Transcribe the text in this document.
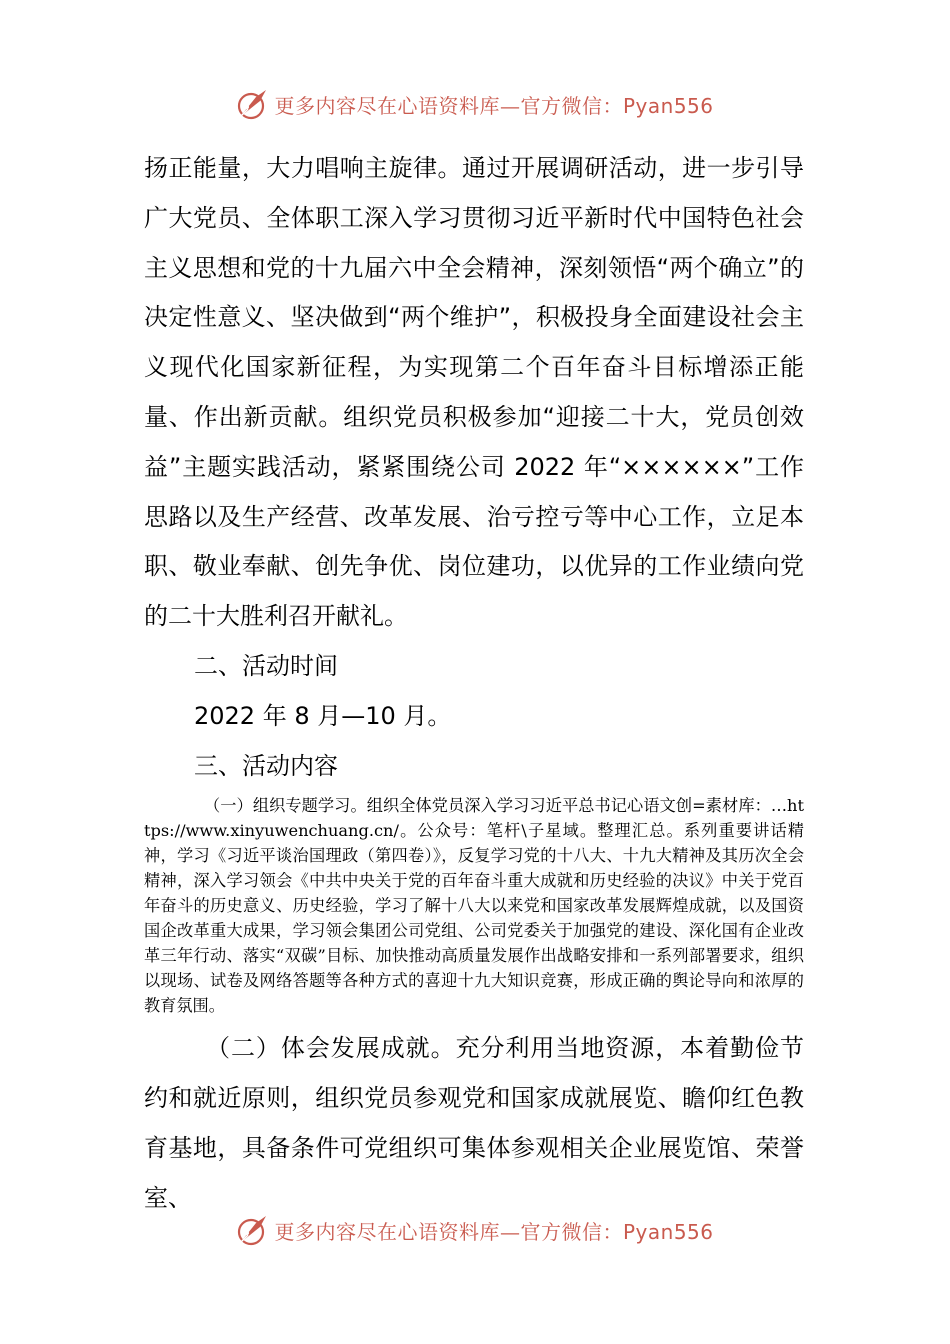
更多内容尽在心语资料库—官方微信：Pyan556

扬正能量，大力唱响主旋律。通过开展调研活动，进一步引导广大党员、全体职工深入学习贯彻习近平新时代中国特色社会主义思想和党的十九届六中全会精神，深刻领悟“两个确立”的决定性意义、坚决做到“两个维护”，积极投身全面建设社会主义现代化国家新征程，为实现第二个百年奋斗目标增添正能量、作出新贡献。组织党员积极参加“迎接二十大，党员创效益”主题实践活动，紧紧围绕公司 2022 年“××××××”工作思路以及生产经营、改革发展、治亏控亏等中心工作，立足本职、敬业奉献、创先争优、岗位建功，以优异的工作业绩向党的二十大胜利召开献礼。

二、活动时间

2022 年 8 月—10 月。

三、活动内容

（一）组织专题学习。组织全体党员深入学习习近平总书记心语文创=素材库：…https://www.xinyuwenchuang.cn/。公众号：笔杆\子星域。整理汇总。系列重要讲话精神，学习《习近平谈治国理政（第四卷）》，反复学习党的十八大、十九大精神及其历次全会精神，深入学习领会《中共中央关于党的百年奋斗重大成就和历史经验的决议》中关于党百年奋斗的历史意义、历史经验，学习了解十八大以来党和国家改革发展辉煌成就，以及国资国企改革重大成果，学习领会集团公司党组、公司党委关于加强党的建设、深化国有企业改革三年行动、落实“双碳”目标、加快推动高质量发展作出战略安排和一系列部署要求，组织以现场、试卷及网络答题等各种方式的喜迎十九大知识竞赛，形成正确的舆论导向和浓厚的教育氛围。

（二）体会发展成就。充分利用当地资源，本着勤俭节约和就近原则，组织党员参观党和国家成就展览、瞻仰红色教育基地，具备条件可党组织可集体参观相关企业展览馆、荣誉室、

更多内容尽在心语资料库—官方微信：Pyan556
